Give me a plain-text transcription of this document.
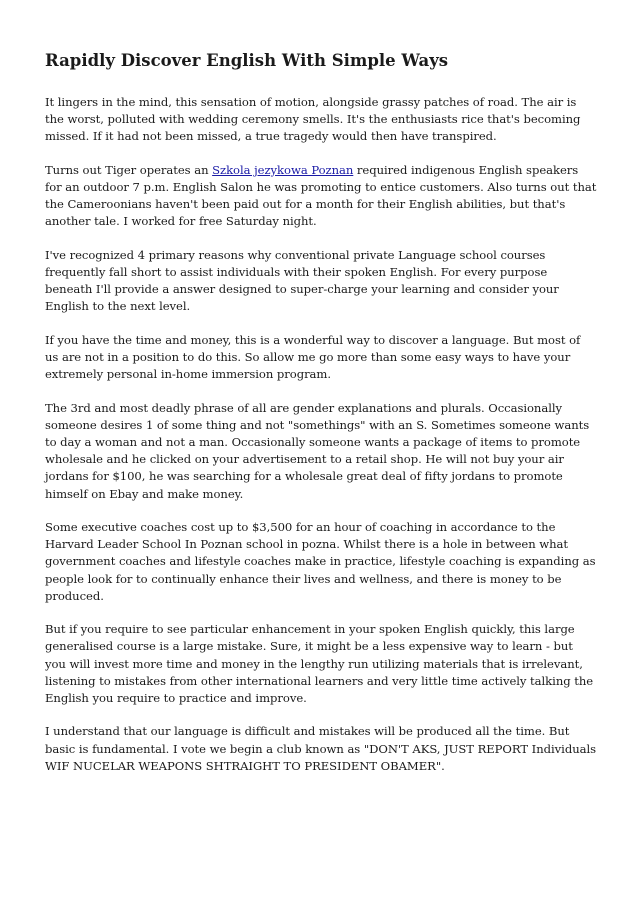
Rapidly Discover English With Simple Ways

It lingers in the mind, this sensation of motion, alongside grassy patches of road. The air is the worst, polluted with wedding ceremony smells. It's the enthusiasts rice that's becoming missed. If it had not been missed, a true tragedy would then have transpired.

Turns out Tiger operates an Szkola jezykowa Poznan required indigenous English speakers for an outdoor 7 p.m. English Salon he was promoting to entice customers. Also turns out that the Cameroonians haven't been paid out for a month for their English abilities, but that's another tale. I worked for free Saturday night.

I've recognized 4 primary reasons why conventional private Language school courses frequently fall short to assist individuals with their spoken English. For every purpose beneath I'll provide a answer designed to super-charge your learning and consider your English to the next level.

If you have the time and money, this is a wonderful way to discover a language. But most of us are not in a position to do this. So allow me go more than some easy ways to have your extremely personal in-home immersion program.

The 3rd and most deadly phrase of all are gender explanations and plurals. Occasionally someone desires 1 of some thing and not "somethings" with an S. Sometimes someone wants to day a woman and not a man. Occasionally someone wants a package of items to promote wholesale and he clicked on your advertisement to a retail shop. He will not buy your air jordans for $100, he was searching for a wholesale great deal of fifty jordans to promote himself on Ebay and make money.

Some executive coaches cost up to $3,500 for an hour of coaching in accordance to the Harvard Leader School In Poznan school in pozna. Whilst there is a hole in between what government coaches and lifestyle coaches make in practice, lifestyle coaching is expanding as people look for to continually enhance their lives and wellness, and there is money to be produced.

But if you require to see particular enhancement in your spoken English quickly, this large generalised course is a large mistake. Sure, it might be a less expensive way to learn - but you will invest more time and money in the lengthy run utilizing materials that is irrelevant, listening to mistakes from other international learners and very little time actively talking the English you require to practice and improve.

I understand that our language is difficult and mistakes will be produced all the time. But basic is fundamental. I vote we begin a club known as "DON'T AKS, JUST REPORT Individuals WIF NUCELAR WEAPONS SHTRAIGHT TO PRESIDENT OBAMER".
